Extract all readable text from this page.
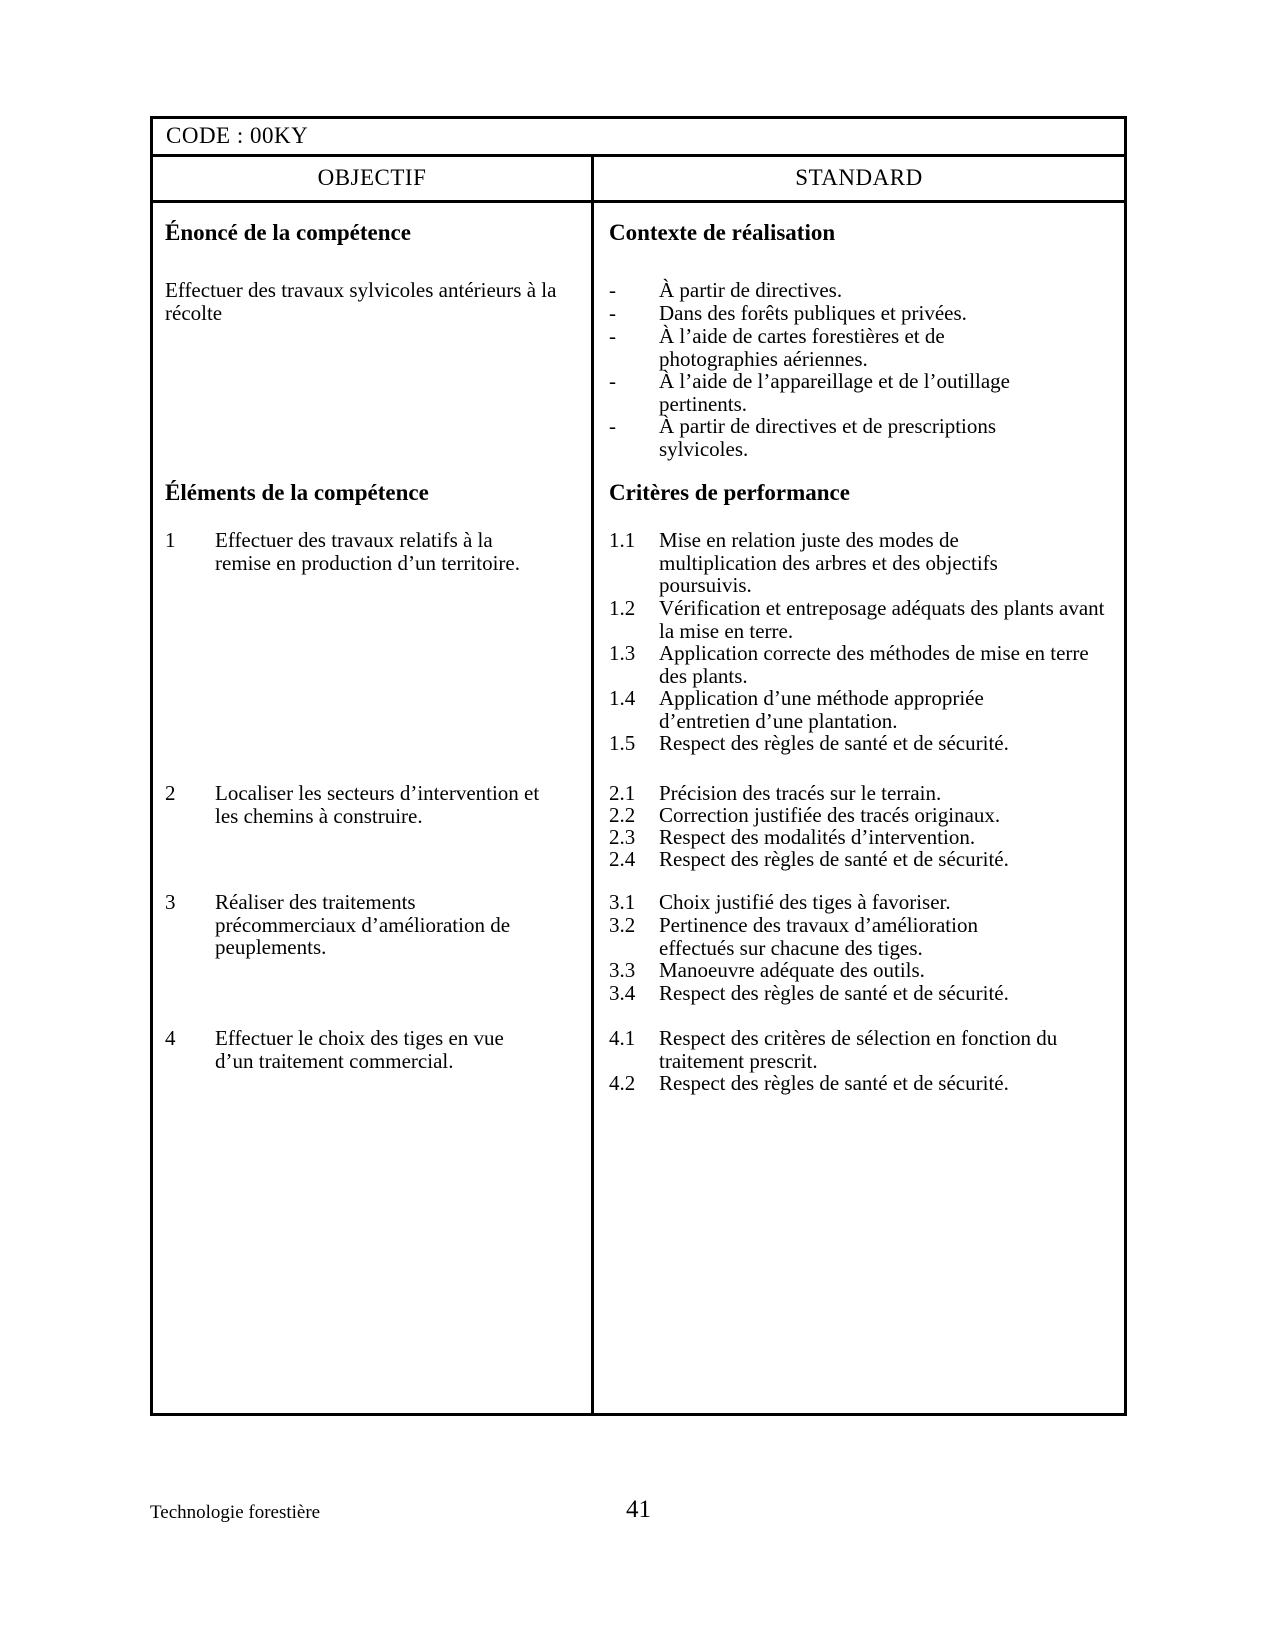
CODE : 00KY
OBJECTIF	STANDARD
Énoncé de la compétence
Effectuer des travaux sylvicoles antérieurs à la récolte
Éléments de la compétence
1 Effectuer des travaux relatifs à la remise en production d’un territoire.
2 Localiser les secteurs d’intervention et les chemins à construire.
3 Réaliser des traitements précommerciaux d’amélioration de peuplements.
4 Effectuer le choix des tiges en vue d’un traitement commercial.
Contexte de réalisation
- À partir de directives.
- Dans des forêts publiques et privées.
- À l’aide de cartes forestières et de photographies aériennes.
- À l’aide de l’appareillage et de l’outillage pertinents.
- À partir de directives et de prescriptions sylvicoles.
Critères de performance
1.1 Mise en relation juste des modes de multiplication des arbres et des objectifs poursuivis.
1.2 Vérification et entreposage adéquats des plants avant la mise en terre.
1.3 Application correcte des méthodes de mise en terre des plants.
1.4 Application d’une méthode appropriée d’entretien d’une plantation.
1.5 Respect des règles de santé et de sécurité.
2.1 Précision des tracés sur le terrain.
2.2 Correction justifiée des tracés originaux.
2.3 Respect des modalités d’intervention.
2.4 Respect des règles de santé et de sécurité.
3.1 Choix justifié des tiges à favoriser.
3.2 Pertinence des travaux d’amélioration effectués sur chacune des tiges.
3.3 Manoeuvre adéquate des outils.
3.4 Respect des règles de santé et de sécurité.
4.1 Respect des critères de sélection en fonction du traitement prescrit.
4.2 Respect des règles de santé et de sécurité.
Technologie forestière	41
